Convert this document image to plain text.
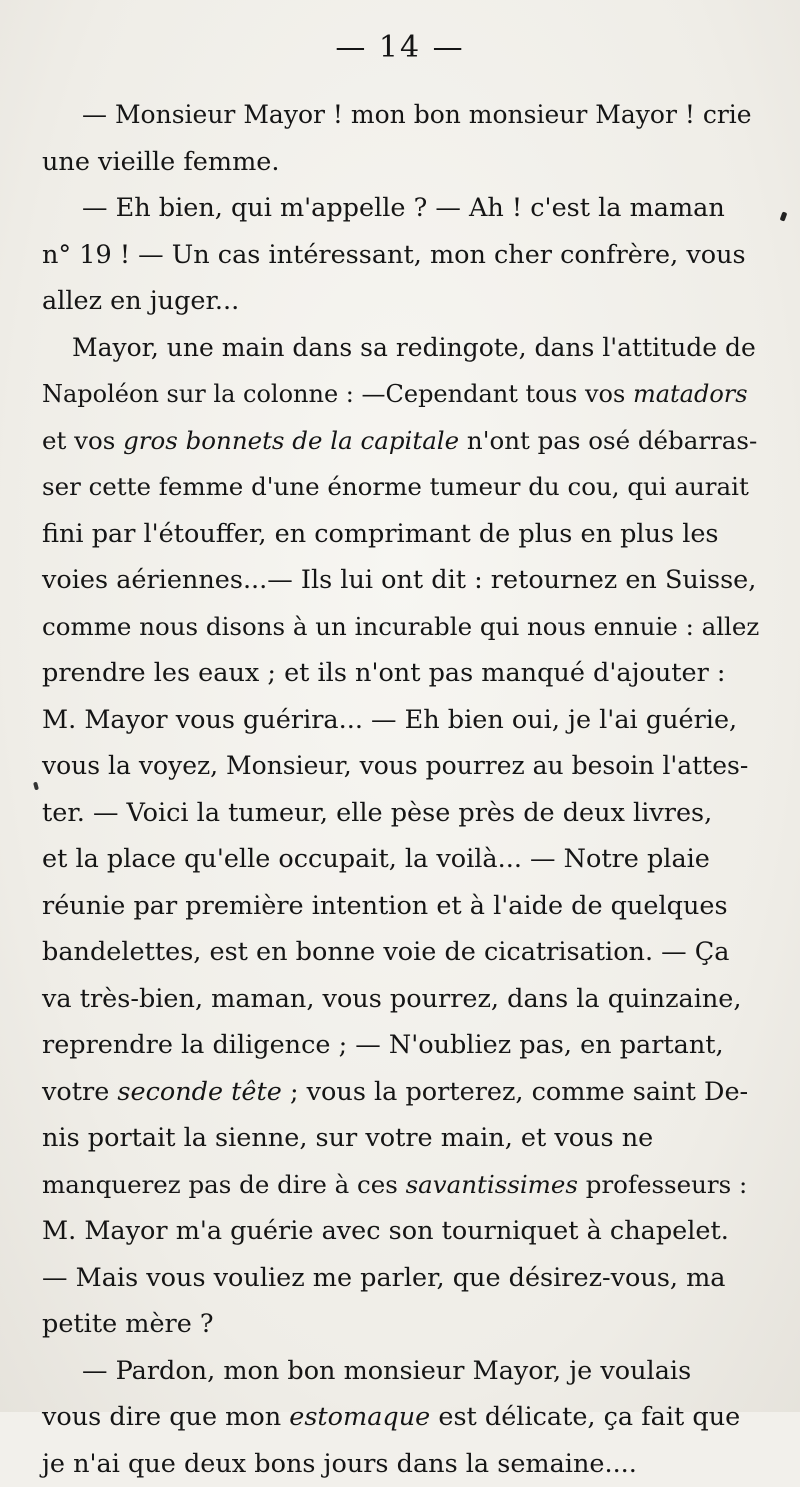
— 14 —
— Monsieur Mayor ! mon bon monsieur Mayor ! crie
une vieille femme.
— Eh bien, qui m'appelle ? — Ah ! c'est la maman
n° 19 ! — Un cas intéressant, mon cher confrère, vous
allez en juger...
Mayor, une main dans sa redingote, dans l'attitude de
Napoléon sur la colonne : —Cependant tous vos matadors
et vos gros bonnets de la capitale n'ont pas osé débarras-
ser cette femme d'une énorme tumeur du cou, qui aurait
fini par l'étouffer, en comprimant de plus en plus les
voies aériennes...— Ils lui ont dit : retournez en Suisse,
comme nous disons à un incurable qui nous ennuie : allez
prendre les eaux ; et ils n'ont pas manqué d'ajouter :
M. Mayor vous guérira... — Eh bien oui, je l'ai guérie,
vous la voyez, Monsieur, vous pourrez au besoin l'attes-
ter. — Voici la tumeur, elle pèse près de deux livres,
et la place qu'elle occupait, la voilà... — Notre plaie
réunie par première intention et à l'aide de quelques
bandelettes, est en bonne voie de cicatrisation. — Ça
va très-bien, maman, vous pourrez, dans la quinzaine,
reprendre la diligence ; — N'oubliez pas, en partant,
votre seconde tête ; vous la porterez, comme saint De-
nis portait la sienne, sur votre main, et vous ne
manquerez pas de dire à ces savantissimes professeurs :
M. Mayor m'a guérie avec son tourniquet à chapelet.
— Mais vous vouliez me parler, que désirez-vous, ma
petite mère ?
— Pardon, mon bon monsieur Mayor, je voulais
vous dire que mon estomaque est délicate, ça fait que
je n'ai que deux bons jours dans la semaine....
